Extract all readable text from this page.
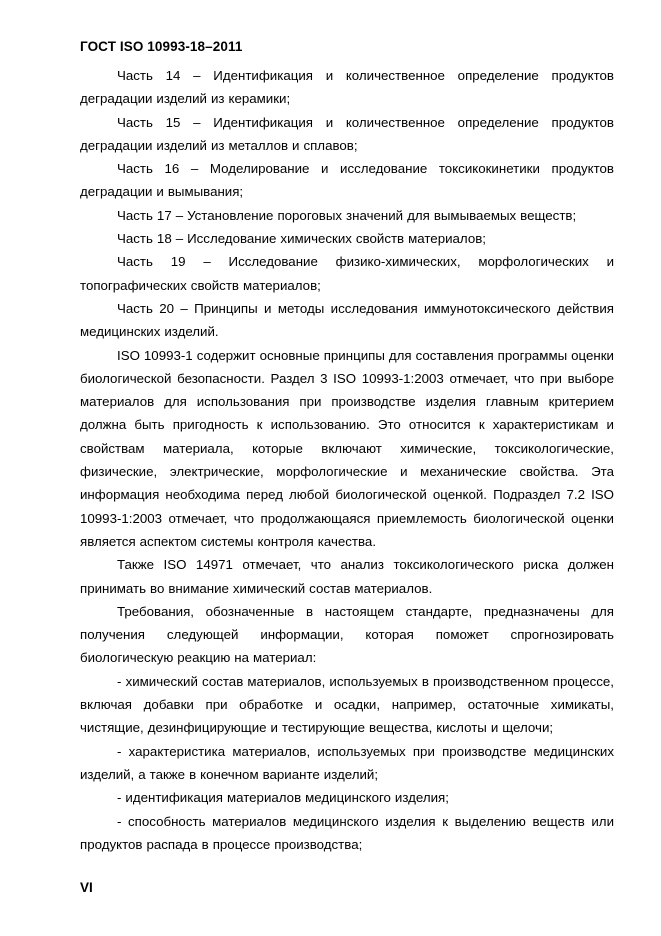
ГОСТ ISO 10993-18–2011

Часть 14 – Идентификация и количественное определение продуктов деградации изделий из керамики;

Часть 15 – Идентификация и количественное определение продуктов деградации изделий из металлов и сплавов;

Часть 16 – Моделирование и исследование токсикокинетики продуктов деградации и вымывания;

Часть 17 – Установление пороговых значений для вымываемых веществ;

Часть 18 – Исследование химических свойств материалов;

Часть 19 – Исследование физико-химических, морфологических и топографических свойств материалов;

Часть 20 – Принципы и методы исследования иммунотоксического действия медицинских изделий.

ISO 10993-1 содержит основные принципы для составления программы оценки биологической безопасности. Раздел 3 ISO 10993-1:2003 отмечает, что при выборе материалов для использования при производстве изделия главным критерием должна быть пригодность к использованию. Это относится к характеристикам и свойствам материала, которые включают химические, токсикологические, физические, электрические, морфологические и механические свойства. Эта информация необходима перед любой биологической оценкой. Подраздел 7.2 ISO 10993-1:2003 отмечает, что продолжающаяся приемлемость биологической оценки является аспектом системы контроля качества.

Также ISO 14971 отмечает, что анализ токсикологического риска должен принимать во внимание химический состав материалов.

Требования, обозначенные в настоящем стандарте, предназначены для получения следующей информации, которая поможет спрогнозировать биологическую реакцию на материал:

- химический состав материалов, используемых в производственном процессе, включая добавки при обработке и осадки, например, остаточные химикаты, чистящие, дезинфицирующие и тестирующие вещества, кислоты и щелочи;

- характеристика материалов, используемых при производстве медицинских изделий, а также в конечном варианте изделий;

- идентификация материалов медицинского изделия;

- способность материалов медицинского изделия к выделению веществ или продуктов распада в процессе производства;

VI
